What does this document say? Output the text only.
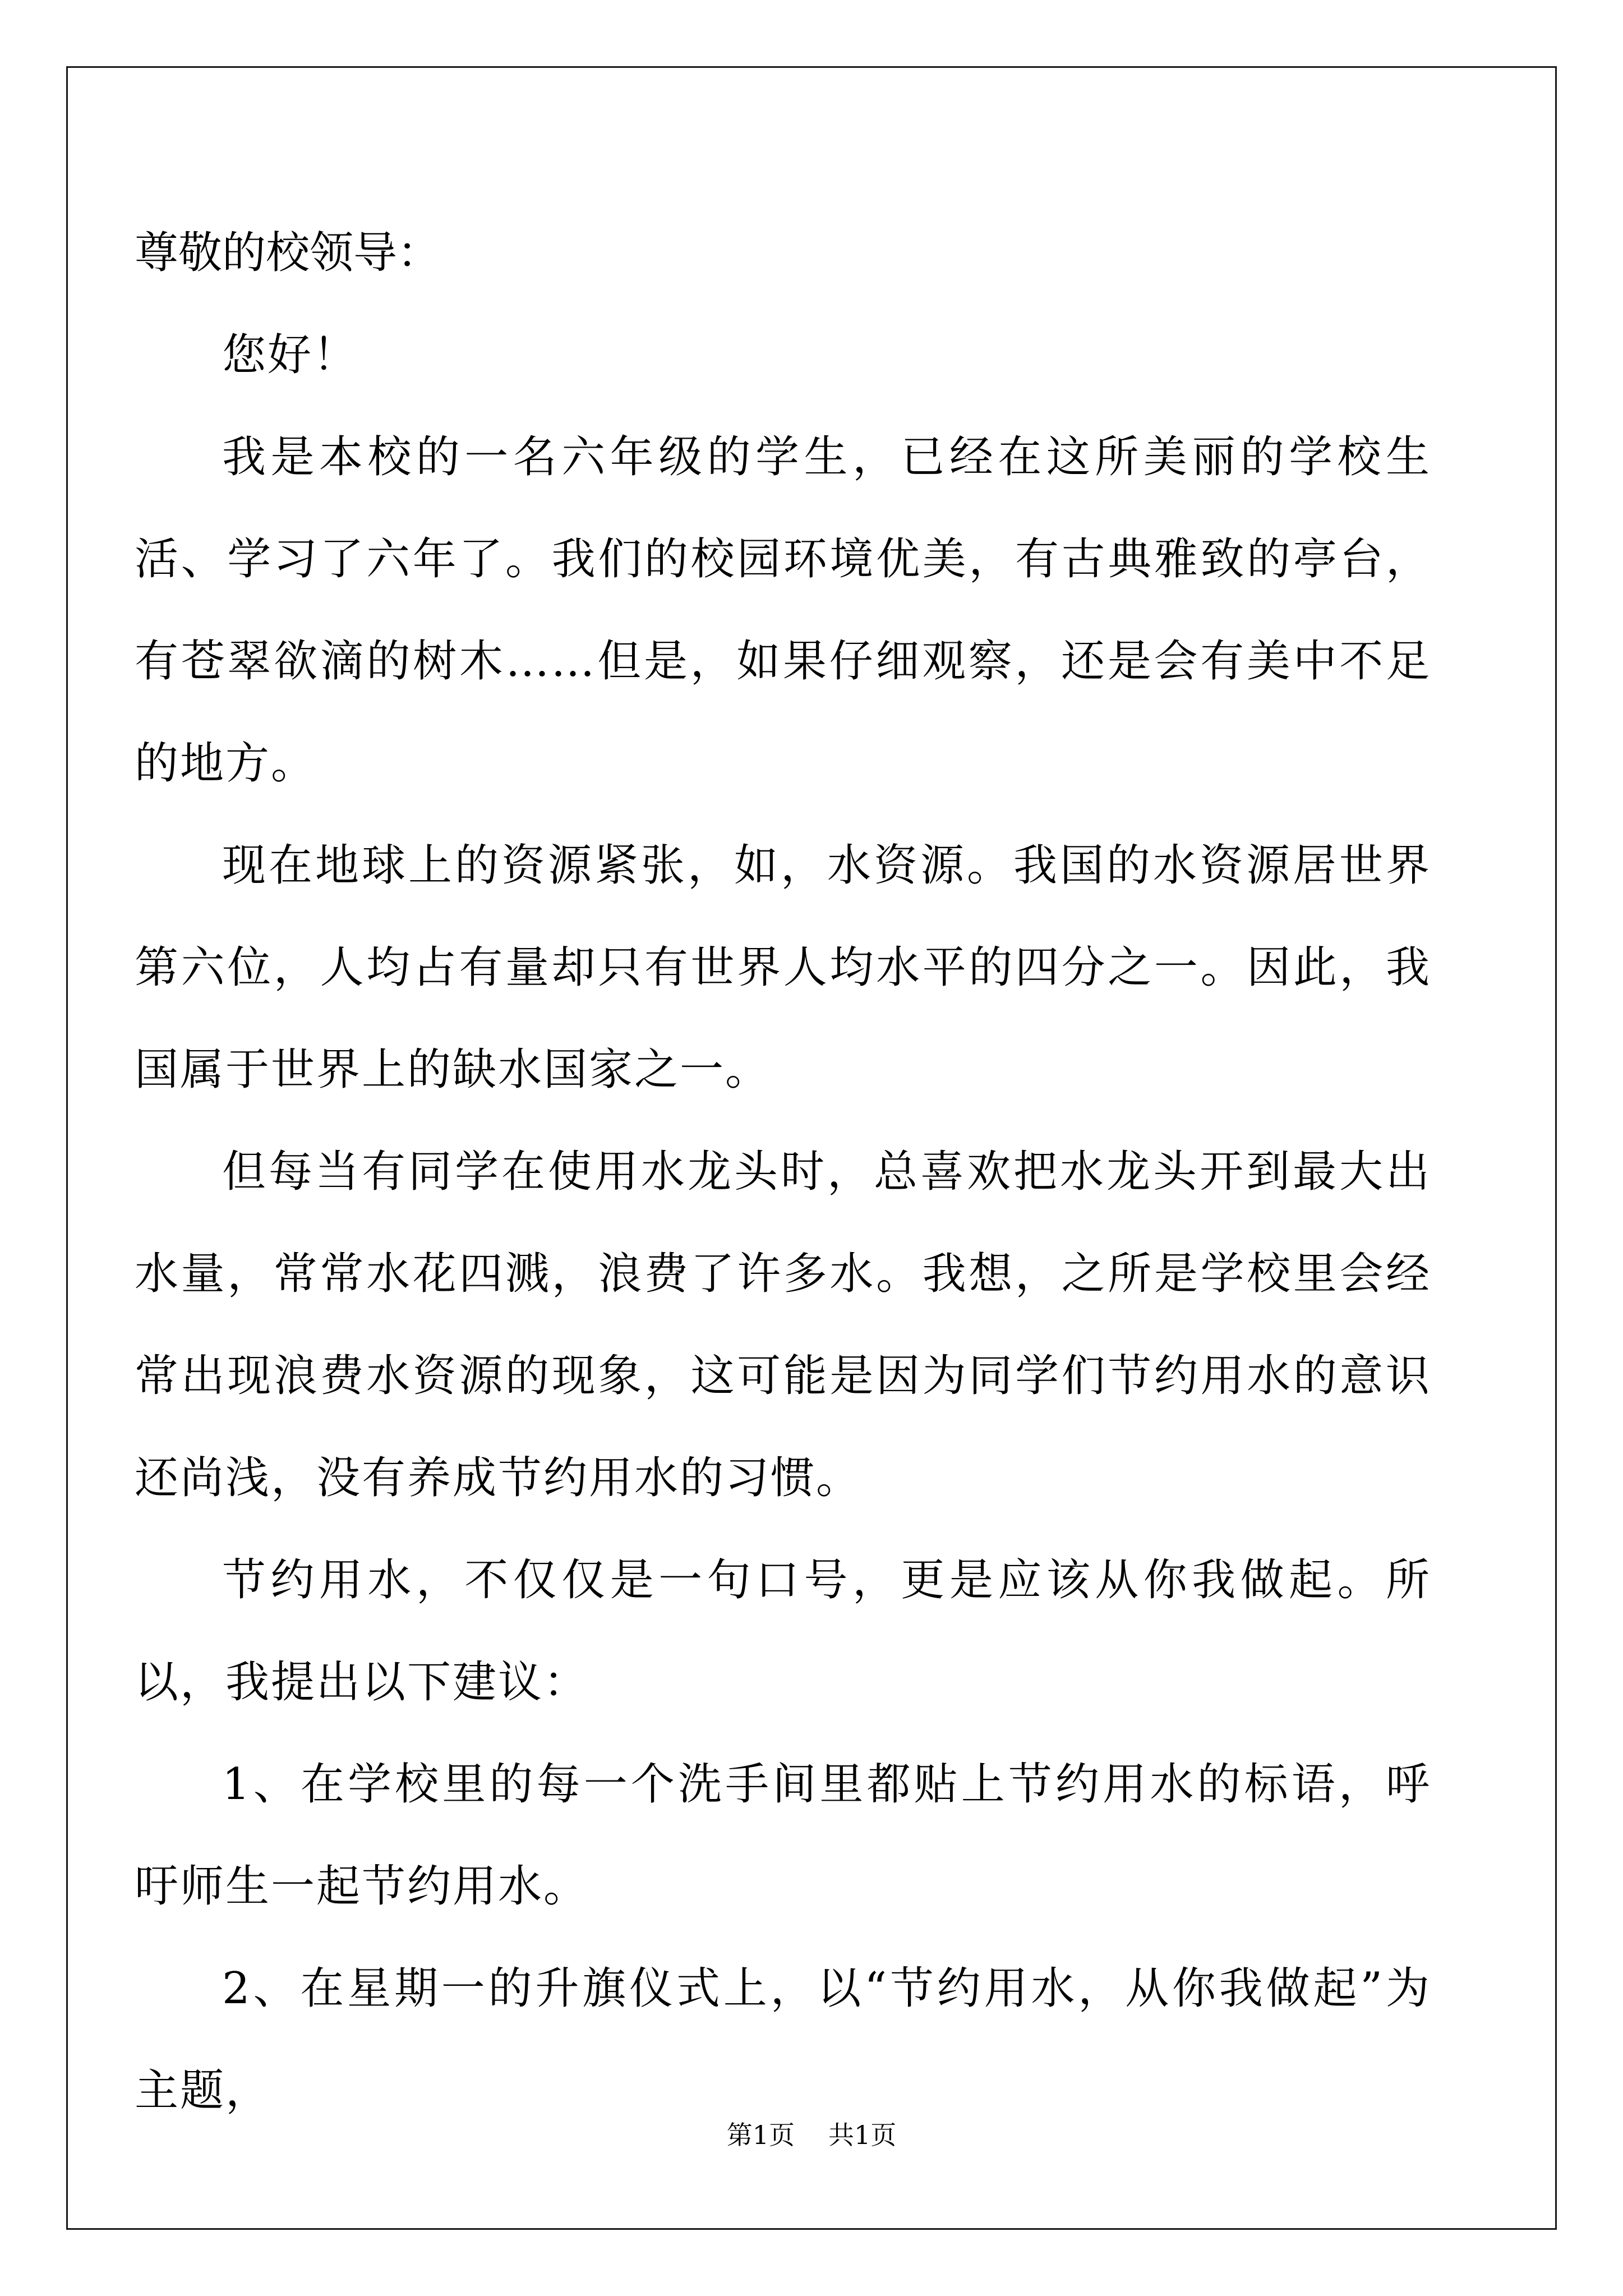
尊敬的校领导：

您好！

我是本校的一名六年级的学生，已经在这所美丽的学校生活、学习了六年了。我们的校园环境优美，有古典雅致的亭台，有苍翠欲滴的树木……但是，如果仔细观察，还是会有美中不足的地方。

现在地球上的资源紧张，如，水资源。我国的水资源居世界第六位，人均占有量却只有世界人均水平的四分之一。因此，我国属于世界上的缺水国家之一。

但每当有同学在使用水龙头时，总喜欢把水龙头开到最大出水量，常常水花四溅，浪费了许多水。我想，之所是学校里会经常出现浪费水资源的现象，这可能是因为同学们节约用水的意识还尚浅，没有养成节约用水的习惯。

节约用水，不仅仅是一句口号，更是应该从你我做起。所以，我提出以下建议：

1、在学校里的每一个洗手间里都贴上节约用水的标语，呼吁师生一起节约用水。

2、在星期一的升旗仪式上，以“节约用水，从你我做起”为主题，

第1页 共1页
